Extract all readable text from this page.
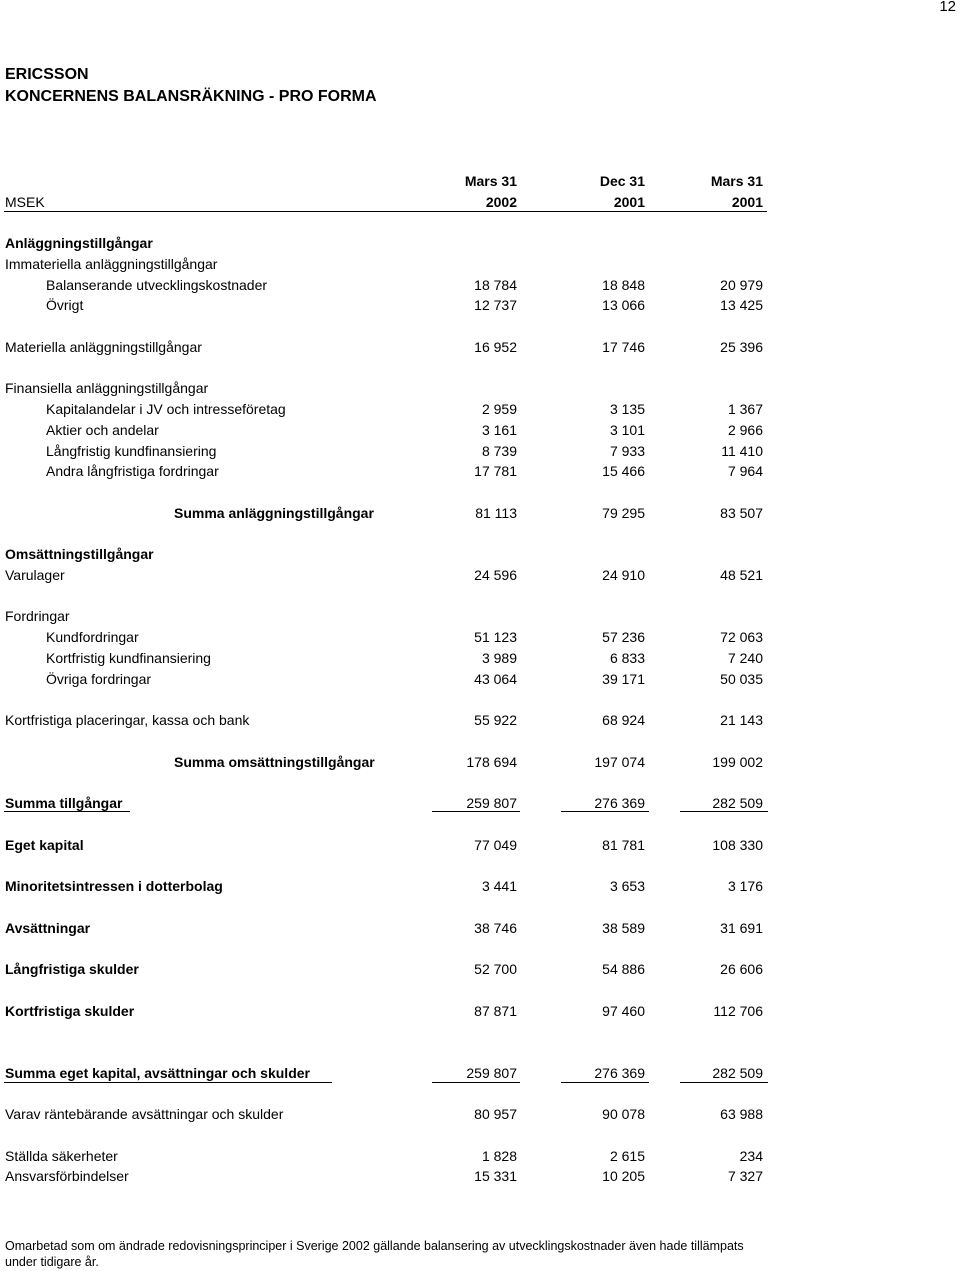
12
ERICSSON
KONCERNENS BALANSRÄKNING - PRO FORMA
Mars 31	Dec 31	Mars 31
MSEK	2002	2001	2001
Anläggningstillgångar
Immateriella anläggningstillgångar
Balanserande utvecklingskostnader	18 784	18 848	20 979
Övrigt	12 737	13 066	13 425
Materiella anläggningstillgångar	16 952	17 746	25 396
Finansiella anläggningstillgångar
Kapitalandelar i JV och intresseföretag	2 959	3 135	1 367
Aktier och andelar	3 161	3 101	2 966
Långfristig kundfinansiering	8 739	7 933	11 410
Andra långfristiga fordringar	17 781	15 466	7 964
Summa anläggningstillgångar	81 113	79 295	83 507
Omsättningstillgångar
Varulager	24 596	24 910	48 521
Fordringar
Kundfordringar	51 123	57 236	72 063
Kortfristig kundfinansiering	3 989	6 833	7 240
Övriga fordringar	43 064	39 171	50 035
Kortfristiga placeringar, kassa och bank	55 922	68 924	21 143
Summa omsättningstillgångar	178 694	197 074	199 002
Summa tillgångar	259 807	276 369	282 509
Eget kapital	77 049	81 781	108 330
Minoritetsintressen i dotterbolag	3 441	3 653	3 176
Avsättningar	38 746	38 589	31 691
Långfristiga skulder	52 700	54 886	26 606
Kortfristiga skulder	87 871	97 460	112 706
Summa eget kapital, avsättningar och skulder	259 807	276 369	282 509
Varav räntebärande avsättningar och skulder	80 957	90 078	63 988
Ställda säkerheter	1 828	2 615	234
Ansvarsförbindelser	15 331	10 205	7 327
Omarbetad som om ändrade redovisningsprinciper i Sverige 2002 gällande balansering av utvecklingskostnader även hade tillämpats under tidigare år.
